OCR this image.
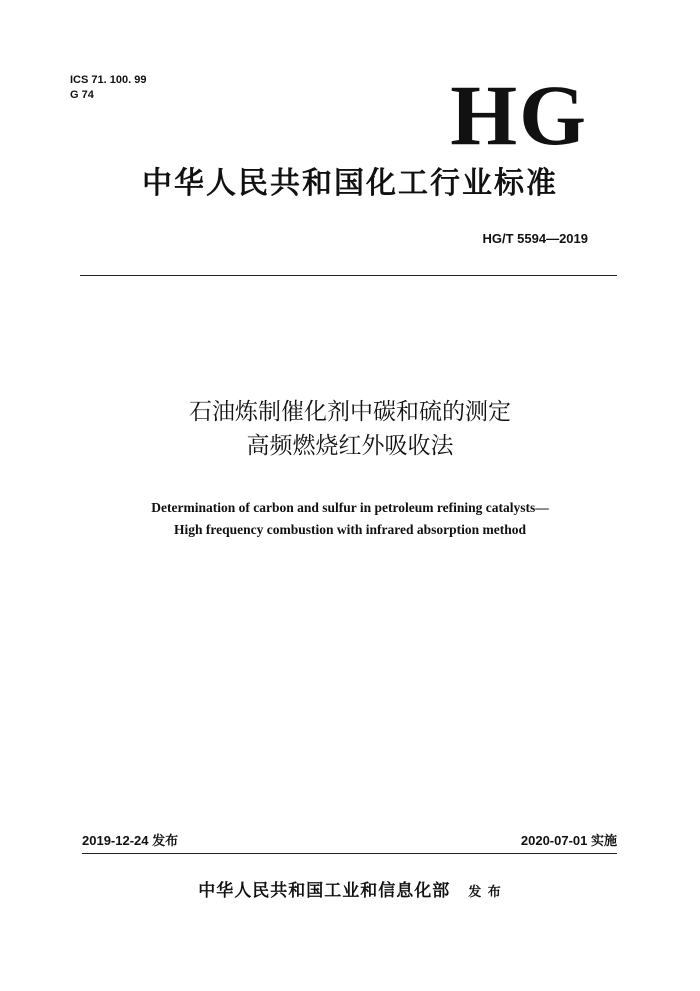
ICS 71. 100. 99
G 74	HG
中华人民共和国化工行业标准
HG/T 5594—2019
石油炼制催化剂中碳和硫的测定
高频燃烧红外吸收法
Determination of carbon and sulfur in petroleum refining catalysts—
High frequency combustion with infrared absorption method
2019-12-24 发布	2020-07-01 实施
中华人民共和国工业和信息化部 发 布
